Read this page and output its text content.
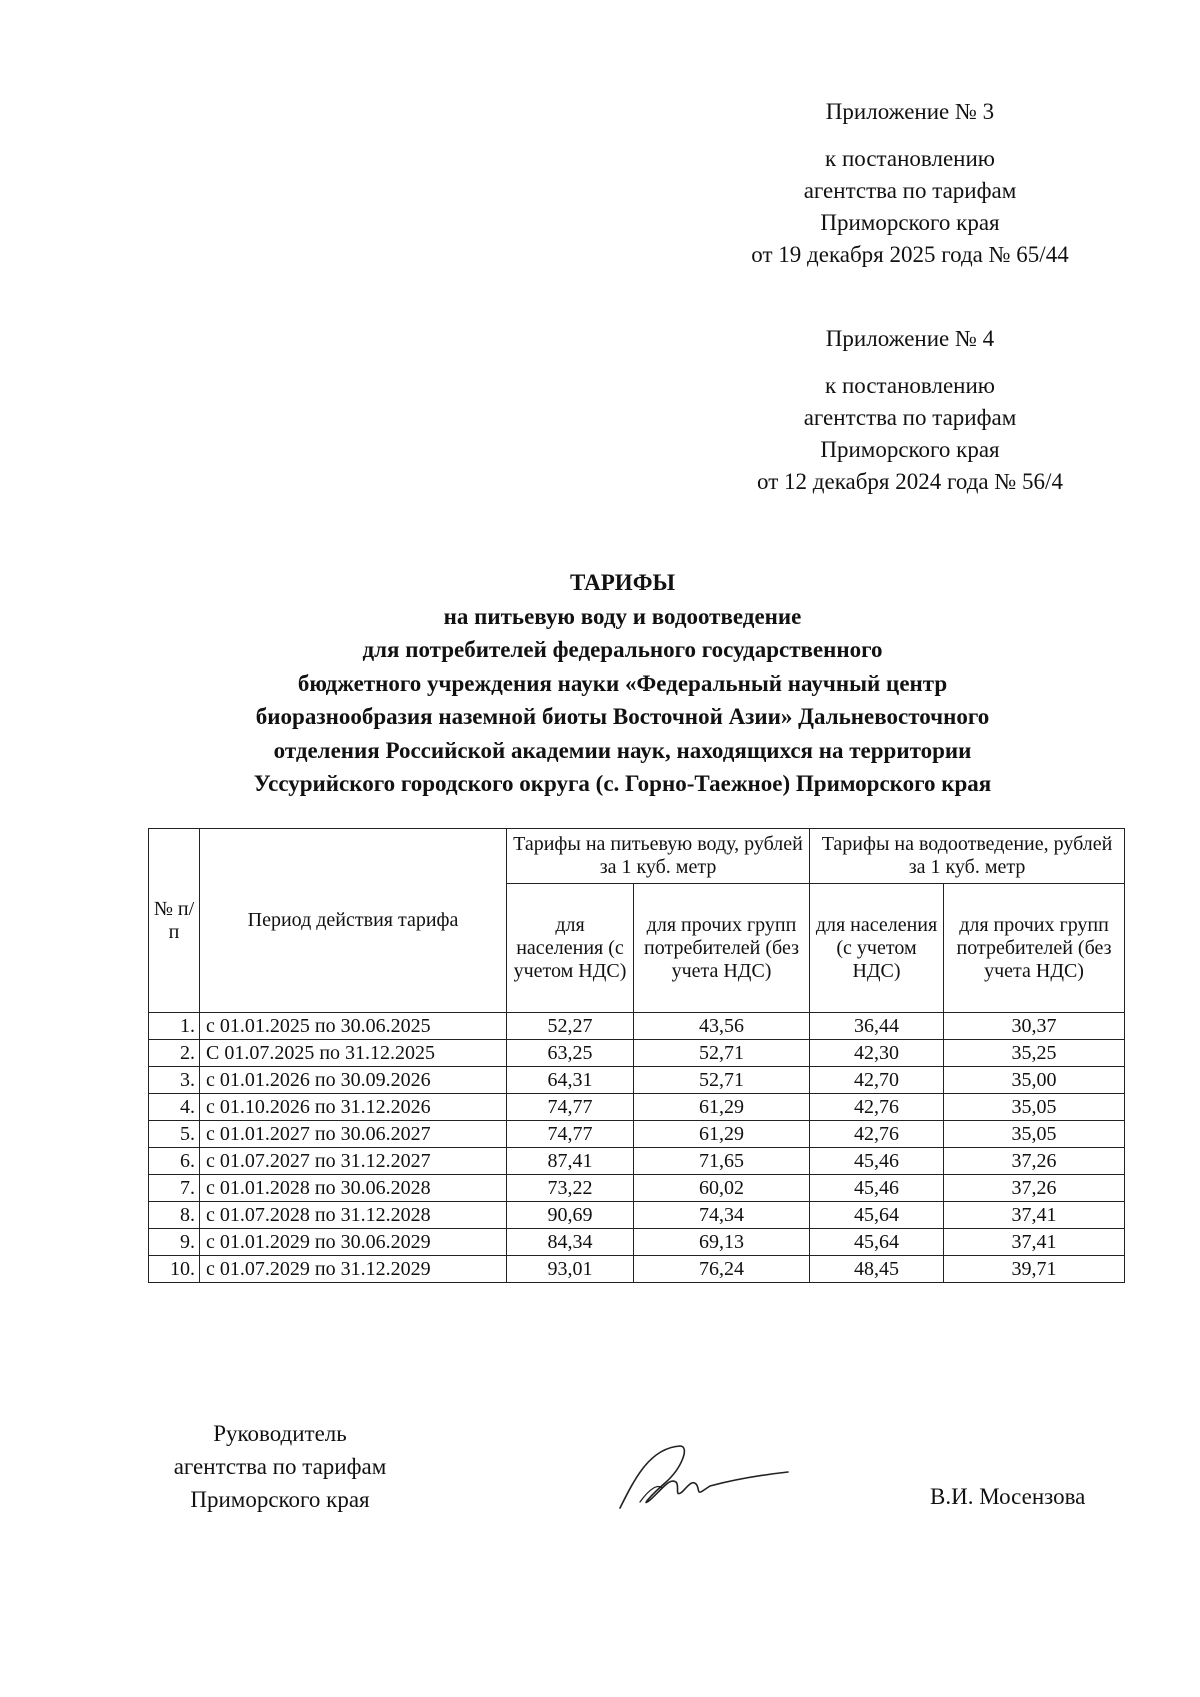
Приложение № 3
к постановлению
агентства по тарифам
Приморского края
от 19 декабря 2025 года № 65/44
Приложение № 4
к постановлению
агентства по тарифам
Приморского края
от 12 декабря 2024 года № 56/4
ТАРИФЫ
на питьевую воду и водоотведение
для потребителей федерального государственного
бюджетного учреждения науки «Федеральный научный центр
биоразнообразия наземной биоты Восточной Азии» Дальневосточного
отделения Российской академии наук, находящихся на территории
Уссурийского городского округа (с. Горно-Таежное) Приморского края
№ п/ п	Период действия тарифа	Тарифы на питьевую воду, рублей за 1 куб. метр		Тарифы на водоотведение, рублей за 1 куб. метр	
		для населения (с учетом НДС)	для прочих групп потребителей (без учета НДС)	для населения (с учетом НДС)	для прочих групп потребителей (без учета НДС)
1.	с 01.01.2025 по 30.06.2025	52,27	43,56	36,44	30,37
2.	С 01.07.2025 по 31.12.2025	63,25	52,71	42,30	35,25
3.	с 01.01.2026 по 30.09.2026	64,31	52,71	42,70	35,00
4.	с 01.10.2026 по 31.12.2026	74,77	61,29	42,76	35,05
5.	с 01.01.2027 по 30.06.2027	74,77	61,29	42,76	35,05
6.	с 01.07.2027 по 31.12.2027	87,41	71,65	45,46	37,26
7.	с 01.01.2028 по 30.06.2028	73,22	60,02	45,46	37,26
8.	с 01.07.2028 по 31.12.2028	90,69	74,34	45,64	37,41
9.	с 01.01.2029 по 30.06.2029	84,34	69,13	45,64	37,41
10.	с 01.07.2029 по 31.12.2029	93,01	76,24	48,45	39,71
Руководитель
агентства по тарифам
Приморского края	В.И. Мосензова
